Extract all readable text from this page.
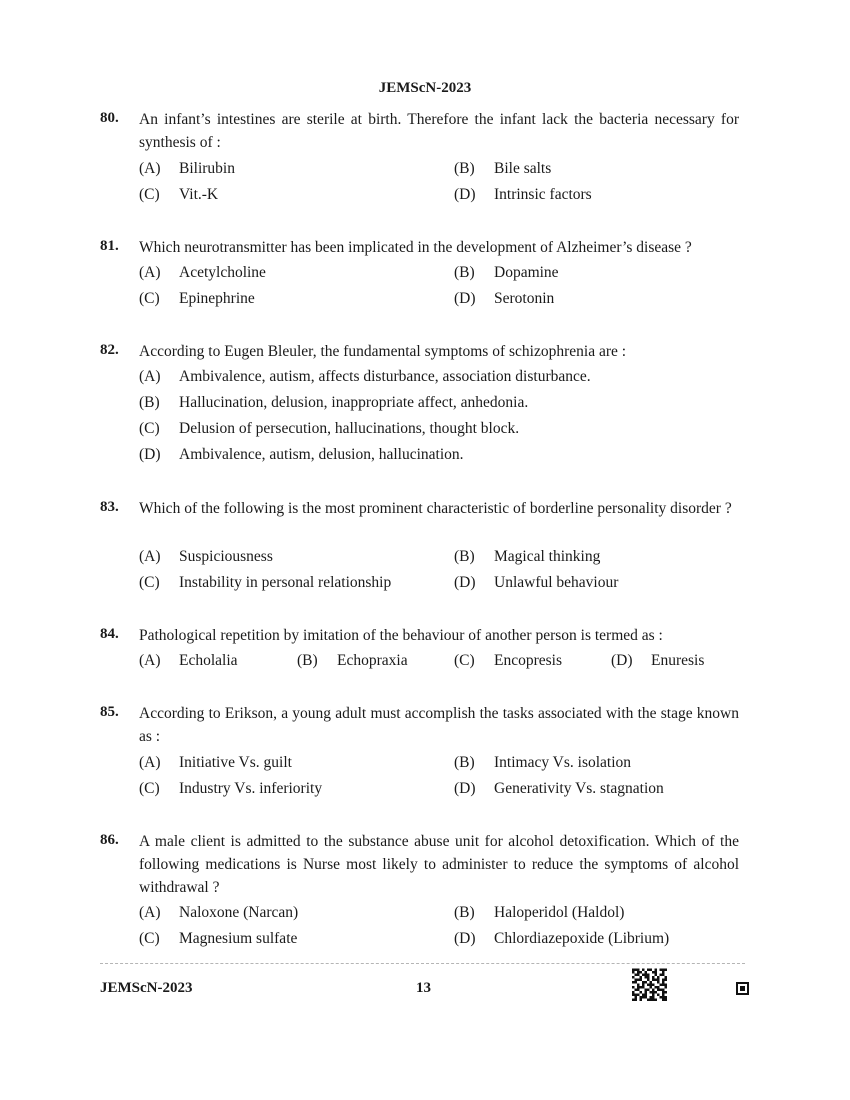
JEMScN-2023
80. An infant’s intestines are sterile at birth. Therefore the infant lack the bacteria necessary for synthesis of :
(A) Bilirubin	(B) Bile salts
(C) Vit.-K	(D) Intrinsic factors
81. Which neurotransmitter has been implicated in the development of Alzheimer’s disease ?
(A) Acetylcholine	(B) Dopamine
(C) Epinephrine	(D) Serotonin
82. According to Eugen Bleuler, the fundamental symptoms of schizophrenia are :
(A) Ambivalence, autism, affects disturbance, association disturbance.
(B) Hallucination, delusion, inappropriate affect, anhedonia.
(C) Delusion of persecution, hallucinations, thought block.
(D) Ambivalence, autism, delusion, hallucination.
83. Which of the following is the most prominent characteristic of borderline personality disorder ?
(A) Suspiciousness	(B) Magical thinking
(C) Instability in personal relationship	(D) Unlawful behaviour
84. Pathological repetition by imitation of the behaviour of another person is termed as :
(A) Echolalia	(B) Echopraxia	(C) Encopresis	(D) Enuresis
85. According to Erikson, a young adult must accomplish the tasks associated with the stage known as :
(A) Initiative Vs. guilt	(B) Intimacy Vs. isolation
(C) Industry Vs. inferiority	(D) Generativity Vs. stagnation
86. A male client is admitted to the substance abuse unit for alcohol detoxification. Which of the following medications is Nurse most likely to administer to reduce the symptoms of alcohol withdrawal ?
(A) Naloxone (Narcan)	(B) Haloperidol (Haldol)
(C) Magnesium sulfate	(D) Chlordiazepoxide (Librium)
JEMScN-2023	13
